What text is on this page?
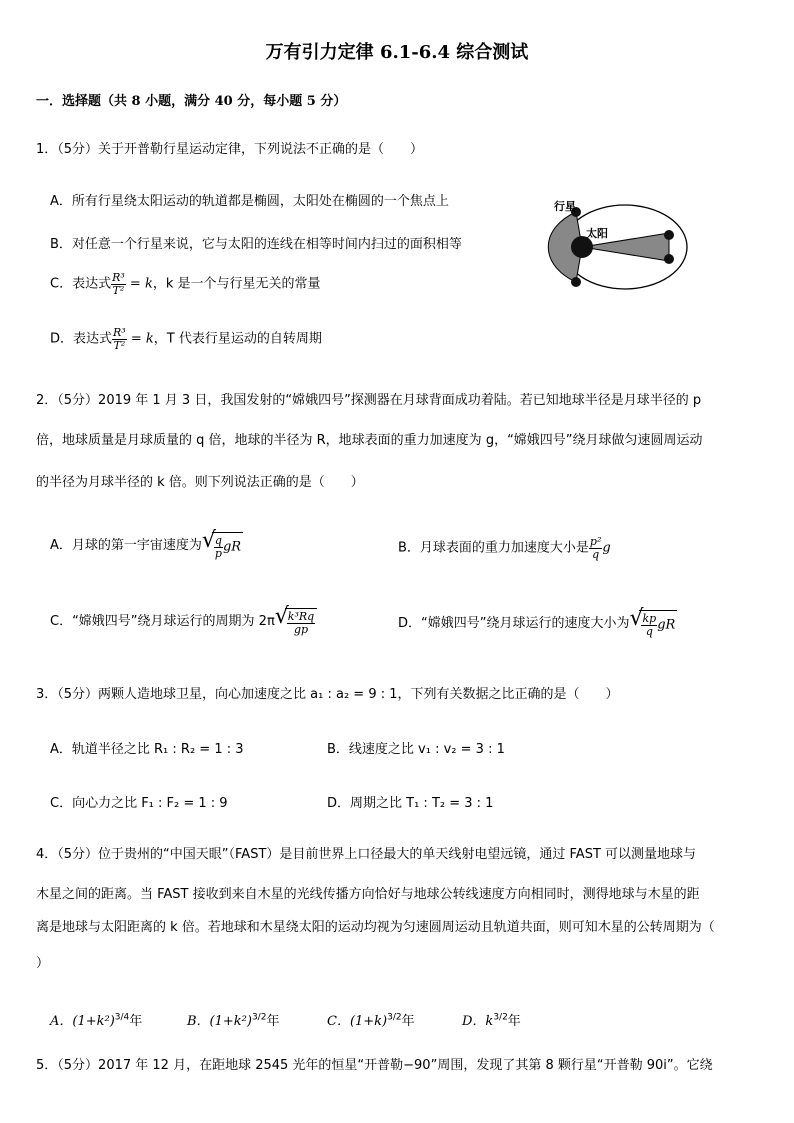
万有引力定律 6.1-6.4 综合测试
一．选择题（共 8 小题，满分 40 分，每小题 5 分）
1．（5分）关于开普勒行星运动定律，下列说法不正确的是（　　）
A．所有行星绕太阳运动的轨道都是椭圆，太阳处在椭圆的一个焦点上
B．对任意一个行星来说，它与太阳的连线在相等时间内扫过的面积相等
C．表达式 $\frac{\text{R³}}{\text{T²}} = k$，k 是一个与行星无关的常量
D．表达式 $\frac{\text{R³}}{\text{T²}} = k$，T 代表行星运动的自转周期
行星
太阳
2．（5分）2019 年 1 月 3 日，我国发射的“嫦娥四号”探测器在月球背面成功着陆。若已知地球半径是月球半径的 p
倍，地球质量是月球质量的 q 倍，地球的半径为 R，地球表面的重力加速度为 g，“嫦娥四号”绕月球做匀速圆周运动
的半径为月球半径的 k 倍。则下列说法正确的是（　　）
A．月球的第一宇宙速度为 √
$\frac{q}{p}$ gR	B．月球表面的重力加速度大小是 $\frac{\text{p²}}{q}$ g
C．“嫦娥四号”绕月球运行的周期为 2π √
$\frac{\text{k³Rq}}{gp}$	D．“嫦娥四号”绕月球运行的速度大小为 √
$\frac{kp}{q}$ gR
3．（5分）两颗人造地球卫星，向心加速度之比 a₁ : a₂ = 9 : 1，下列有关数据之比正确的是（　　）
A．轨道半径之比 R₁ : R₂ = 1 : 3	B．线速度之比 v₁ : v₂ = 3 : 1
C．向心力之比 F₁ : F₂ = 1 : 9	D．周期之比 T₁ : T₂ = 3 : 1
4．（5分）位于贵州的“中国天眼”（FAST）是目前世界上口径最大的单天线射电望远镜，通过 FAST 可以测量地球与
木星之间的距离。当 FAST 接收到来自木星的光线传播方向恰好与地球公转线速度方向相同时，测得地球与木星的距
离是地球与太阳距离的 k 倍。若地球和木星绕太阳的运动均视为匀速圆周运动且轨道共面，则可知木星的公转周期为（
）
A．$(1+k^2)^{3/4}$年	B．$(1+k^2)^{3/2}$年	C．$(1+k)^{3/2}$年	D．$k^{3/2}$年
5．（5分）2017 年 12 月，在距地球 2545 光年的恒星“开普勒−90”周围，发现了其第 8 颗行星“开普勒 90i”。它绕
